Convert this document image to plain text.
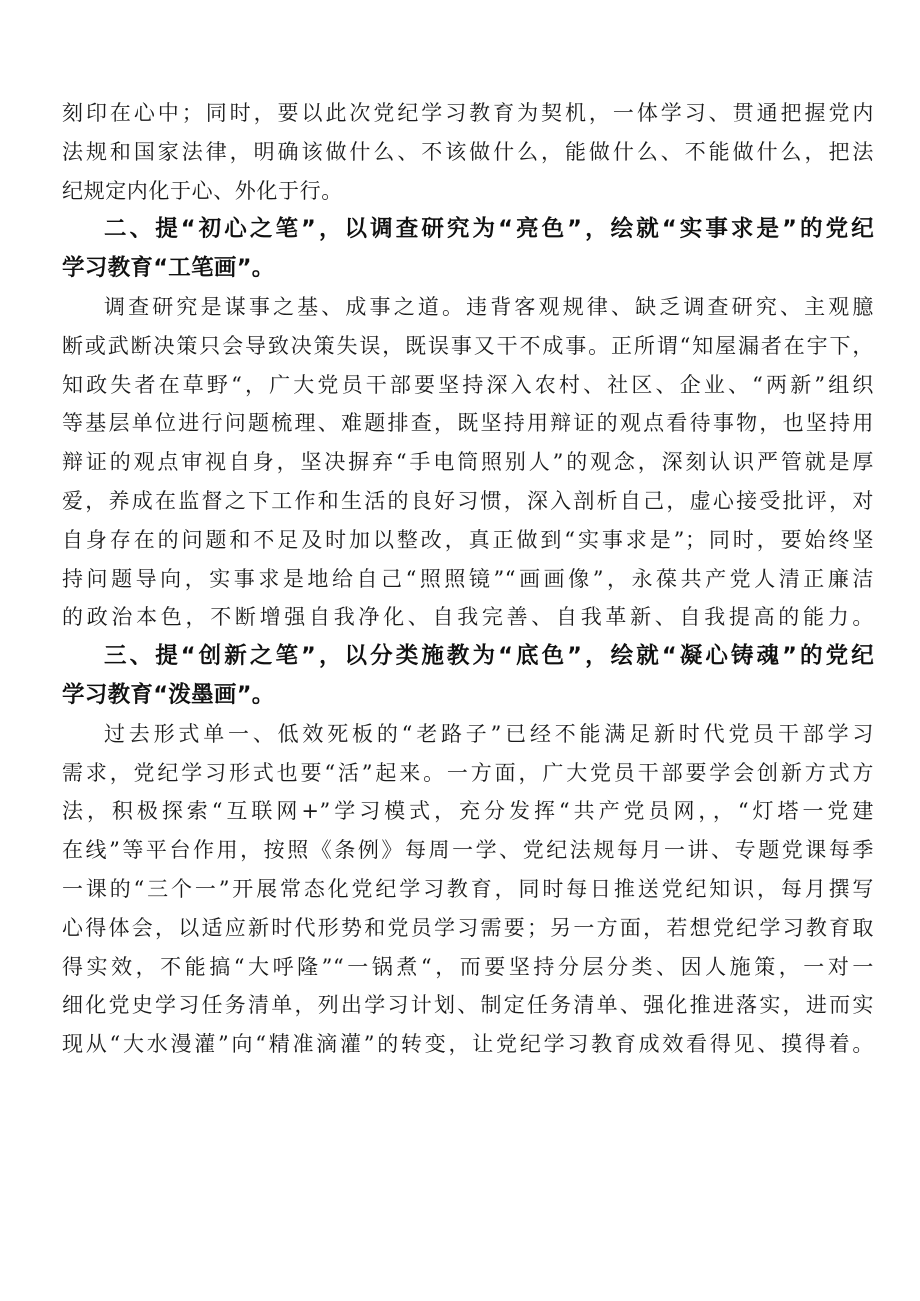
刻印在心中；同时，要以此次党纪学习教育为契机，一体学习、贯通把握党内

法规和国家法律，明确该做什么、不该做什么，能做什么、不能做什么，把法

纪规定内化于心、外化于行。

二、提“初心之笔”，以调查研究为“亮色”，绘就“实事求是”的党纪

学习教育“工笔画”。

调查研究是谋事之基、成事之道。违背客观规律、缺乏调查研究、主观臆

断或武断决策只会导致决策失误，既误事又干不成事。正所谓“知屋漏者在宇下，

知政失者在草野“，广大党员干部要坚持深入农村、社区、企业、“两新”组织

等基层单位进行问题梳理、难题排查，既坚持用辩证的观点看待事物，也坚持用

辩证的观点审视自身，坚决摒弃“手电筒照别人”的观念，深刻认识严管就是厚

爱，养成在监督之下工作和生活的良好习惯，深入剖析自己，虚心接受批评，对

自身存在的问题和不足及时加以整改，真正做到“实事求是”；同时，要始终坚

持问题导向，实事求是地给自己“照照镜”“画画像”，永葆共产党人清正廉洁

的政治本色，不断增强自我净化、自我完善、自我革新、自我提高的能力。

三、提“创新之笔”，以分类施教为“底色”，绘就“凝心铸魂”的党纪

学习教育“泼墨画”。

过去形式单一、低效死板的“老路子”已经不能满足新时代党员干部学习

需求，党纪学习形式也要“活”起来。一方面，广大党员干部要学会创新方式方

法，积极探索“互联网+”学习模式，充分发挥“共产党员网，，“灯塔一党建

在线”等平台作用，按照《条例》每周一学、党纪法规每月一讲、专题党课每季

一课的“三个一”开展常态化党纪学习教育，同时每日推送党纪知识，每月撰写

心得体会，以适应新时代形势和党员学习需要；另一方面，若想党纪学习教育取

得实效，不能搞“大呼隆”“一锅煮“，而要坚持分层分类、因人施策，一对一

细化党史学习任务清单，列出学习计划、制定任务清单、强化推进落实，进而实

现从“大水漫灌”向“精准滴灌”的转变，让党纪学习教育成效看得见、摸得着。
